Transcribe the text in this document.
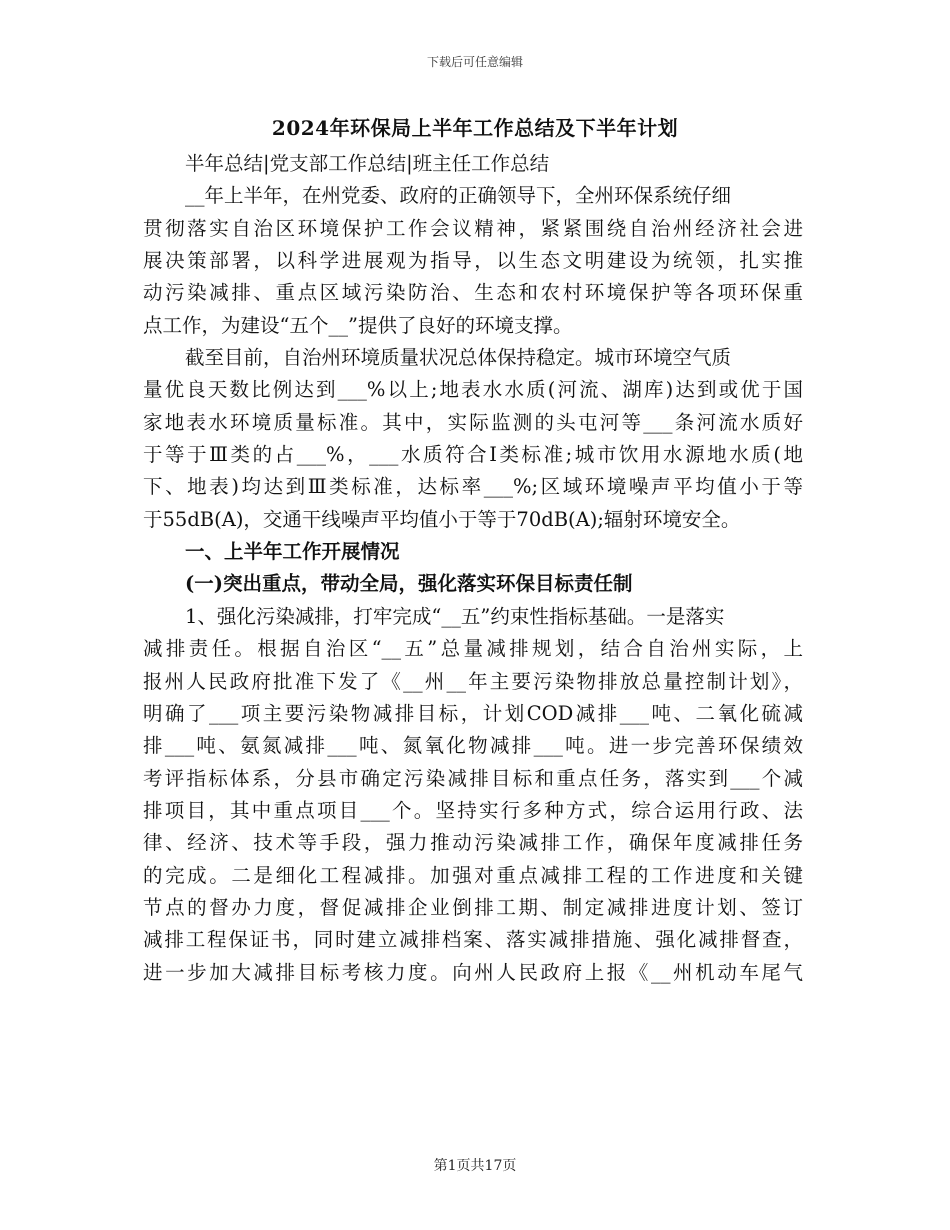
下载后可任意编辑
2024年环保局上半年工作总结及下半年计划
半年总结|党支部工作总结|班主任工作总结
__年上半年，在州党委、政府的正确领导下，全州环保系统仔细
贯彻落实自治区环境保护工作会议精神，紧紧围绕自治州经济社会进
展决策部署，以科学进展观为指导，以生态文明建设为统领，扎实推
动污染减排、重点区域污染防治、生态和农村环境保护等各项环保重
点工作，为建设“五个__”提供了良好的环境支撑。
截至目前，自治州环境质量状况总体保持稳定。城市环境空气质
量优良天数比例达到___%以上;地表水水质(河流、湖库)达到或优于国
家地表水环境质量标准。其中，实际监测的头屯河等___条河流水质好
于等于Ⅲ类的占___%，___水质符合Ⅰ类标准;城市饮用水源地水质(地
下、地表)均达到Ⅲ类标准，达标率___%;区域环境噪声平均值小于等
于55dB(A)，交通干线噪声平均值小于等于70dB(A);辐射环境安全。
一、上半年工作开展情况
(一)突出重点，带动全局，强化落实环保目标责任制
1、强化污染减排，打牢完成“__五”约束性指标基础。一是落实
减排责任。根据自治区“__五”总量减排规划，结合自治州实际，上
报州人民政府批准下发了《__州__年主要污染物排放总量控制计划》，
明确了___项主要污染物减排目标，计划COD减排___吨、二氧化硫减
排___吨、氨氮减排___吨、氮氧化物减排___吨。进一步完善环保绩效
考评指标体系，分县市确定污染减排目标和重点任务，落实到___个减
排项目，其中重点项目___个。坚持实行多种方式，综合运用行政、法
律、经济、技术等手段，强力推动污染减排工作，确保年度减排任务
的完成。二是细化工程减排。加强对重点减排工程的工作进度和关键
节点的督办力度，督促减排企业倒排工期、制定减排进度计划、签订
减排工程保证书，同时建立减排档案、落实减排措施、强化减排督查，
进一步加大减排目标考核力度。向州人民政府上报《__州机动车尾气
第1页共17页
